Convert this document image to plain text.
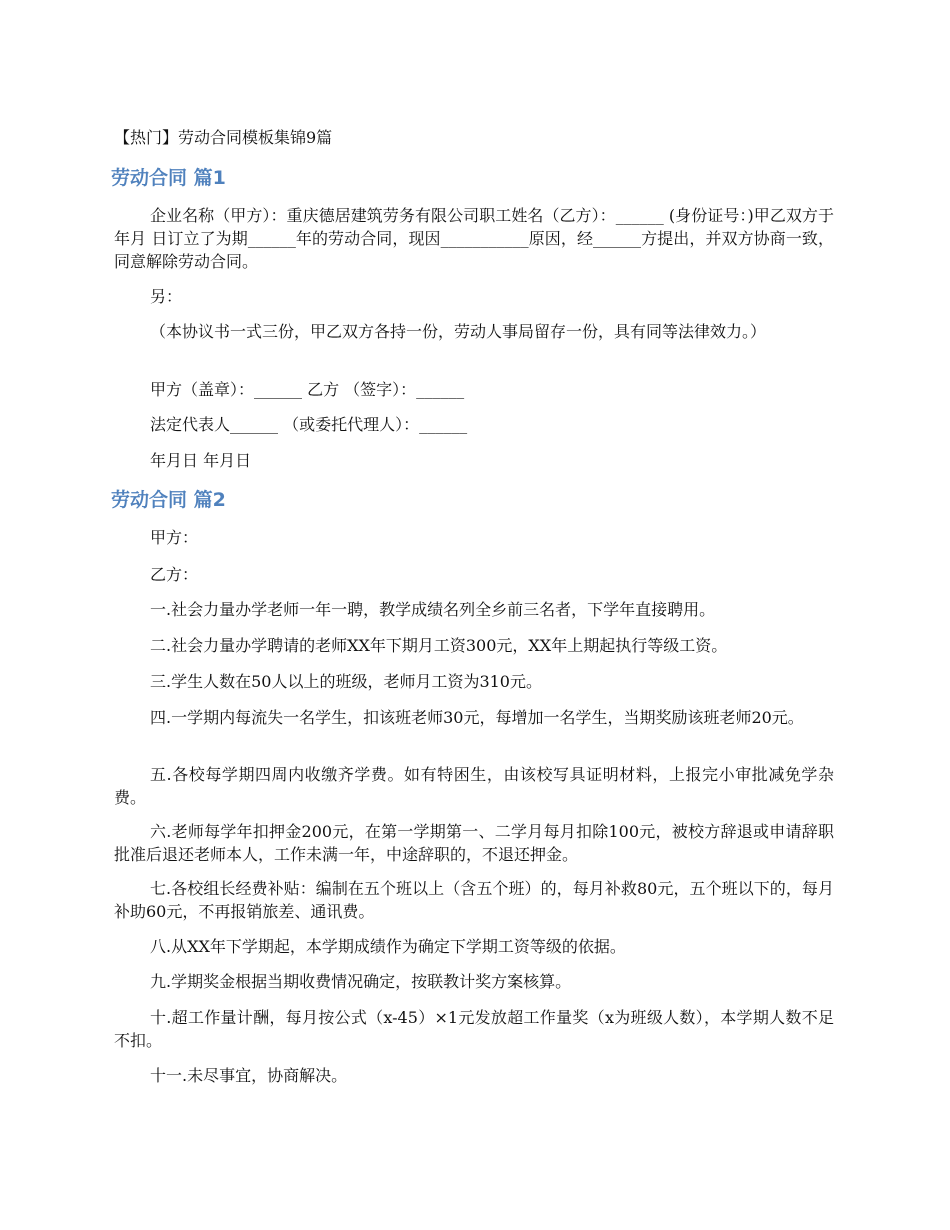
【热门】劳动合同模板集锦9篇
劳动合同 篇1
企业名称（甲方）：重庆德居建筑劳务有限公司职工姓名（乙方）：______ (身份证号：)甲乙双方于 年月 日订立了为期______年的劳动合同，现因___________原因，经______方提出，并双方协商一致，同意解除劳动合同。
另：
（本协议书一式三份，甲乙双方各持一份，劳动人事局留存一份，具有同等法律效力。）
甲方（盖章）：______ 乙方 （签字）：______
法定代表人______ （或委托代理人）：______
年月日 年月日
劳动合同 篇2
甲方：
乙方：
一.社会力量办学老师一年一聘，教学成绩名列全乡前三名者，下学年直接聘用。
二.社会力量办学聘请的老师XX年下期月工资300元，XX年上期起执行等级工资。
三.学生人数在50人以上的班级，老师月工资为310元。
四.一学期内每流失一名学生，扣该班老师30元，每增加一名学生，当期奖励该班老师20元。
五.各校每学期四周内收缴齐学费。如有特困生，由该校写具证明材料，上报完小审批减免学杂费。
六.老师每学年扣押金200元，在第一学期第一、二学月每月扣除100元，被校方辞退或申请辞职批准后退还老师本人，工作未满一年，中途辞职的，不退还押金。
七.各校组长经费补贴：编制在五个班以上（含五个班）的，每月补救80元，五个班以下的，每月补助60元，不再报销旅差、通讯费。
八.从XX年下学期起，本学期成绩作为确定下学期工资等级的依据。
九.学期奖金根据当期收费情况确定，按联教计奖方案核算。
十.超工作量计酬，每月按公式（x-45）×1元发放超工作量奖（x为班级人数），本学期人数不足不扣。
十一.未尽事宜，协商解决。
